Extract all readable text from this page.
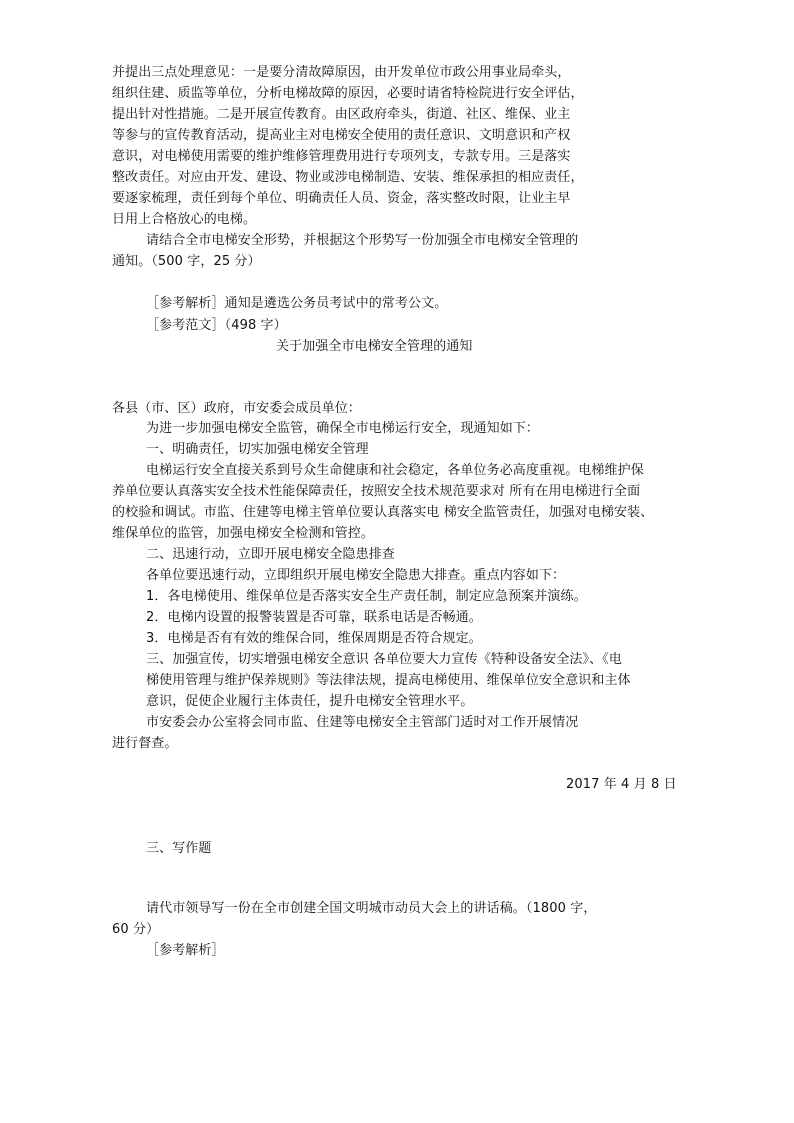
并提出三点处理意见：一是要分清故障原因，由开发单位市政公用事业局牵头，
组织住建、质监等单位，分析电梯故障的原因，必要时请省特检院进行安全评估，
提出针对性措施。二是开展宣传教育。由区政府牵头，街道、社区、维保、业主
等参与的宣传教育活动，提高业主对电梯安全使用的责任意识、文明意识和产权
意识，对电梯使用需要的维护维修管理费用进行专项列支，专款专用。三是落实
整改责任。对应由开发、建设、物业或涉电梯制造、安装、维保承担的相应责任，
要逐家梳理，责任到每个单位、明确责任人员、资金，落实整改时限，让业主早
日用上合格放心的电梯。
请结合全市电梯安全形势，并根据这个形势写一份加强全市电梯安全管理的
通知。（500 字，25 分）
［参考解析］通知是遴选公务员考试中的常考公文。
［参考范文］（498 字）
关于加强全市电梯安全管理的通知
各县（市、区）政府，市安委会成员单位：
为进一步加强电梯安全监管，确保全市电梯运行安全，现通知如下：
一、明确责任，切实加强电梯安全管理
电梯运行安全直接关系到号众生命健康和社会稳定，各单位务必高度重视。电梯维护保
养单位要认真落实安全技术性能保障责任，按照安全技术规范要求对 所有在用电梯进行全面
的校验和调试。市监、住建等电梯主管单位要认真落实电 梯安全监管责任，加强对电梯安装、
维保单位的监管，加强电梯安全检测和管控。
二、迅速行动，立即开展电梯安全隐患排查
各单位要迅速行动，立即组织开展电梯安全隐患大排查。重点内容如下：
1．各电梯使用、维保单位是否落实安全生产责任制，制定应急预案并演练。
2．电梯内设置的报警装置是否可靠，联系电话是否畅通。
3．电梯是否有有效的维保合同，维保周期是否符合规定。
三、加强宣传，切实增强电梯安全意识 各单位要大力宣传《特种设备安全法》、《电
梯使用管理与维护保养规则》等法律法规，提高电梯使用、维保单位安全意识和主体
意识，促使企业履行主体责任，提升电梯安全管理水平。
市安委会办公室将会同市监、住建等电梯安全主管部门适时对工作开展情况
进行督查。
2017 年 4 月 8 日
三、写作题
请代市领导写一份在全市创建全国文明城市动员大会上的讲话稿。（1800 字，
60 分）
［参考解析］
